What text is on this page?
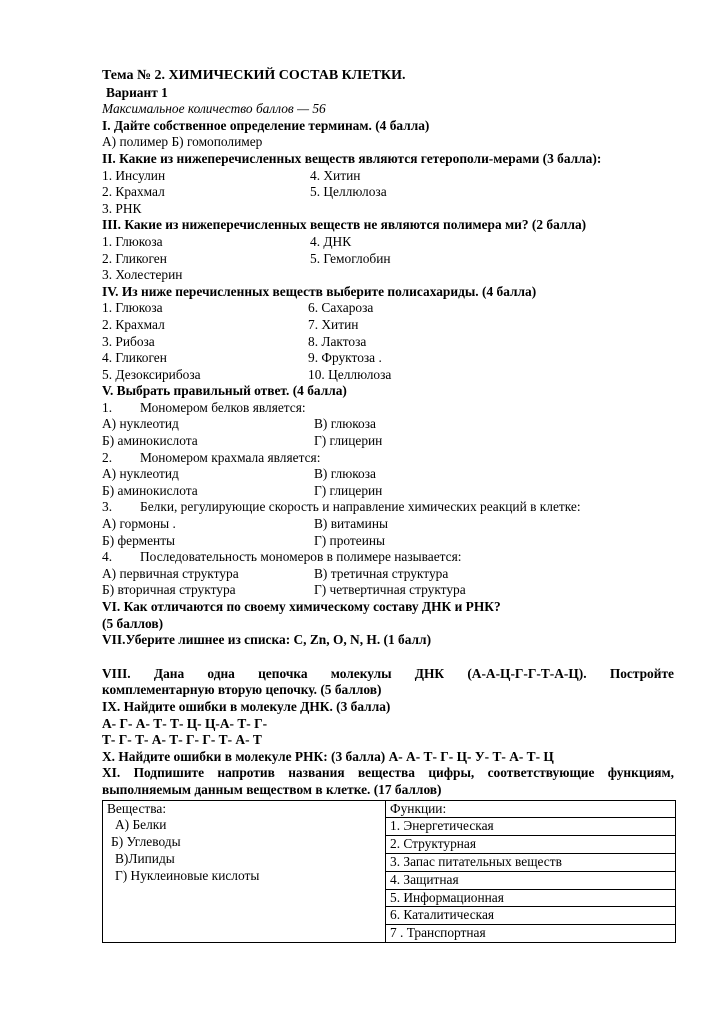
Тема № 2. ХИМИЧЕСКИЙ СОСТАВ КЛЕТКИ.
Вариант 1
Максимальное количество баллов — 56
I. Дайте собственное определение терминам. (4 балла)
А) полимер Б) гомополимер
II. Какие из нижеперечисленных веществ являются гетерополи-мерами (3 балла):
1. Инсулин	4. Хитин
2. Крахмал	5. Целлюлоза
3. РНК
III. Какие из нижеперечисленных веществ не являются полимера ми? (2 балла)
1. Глюкоза	4. ДНК
2. Гликоген	5. Гемоглобин
3. Холестерин
IV. Из ниже перечисленных веществ выберите полисахариды. (4 балла)
1. Глюкоза	6. Сахароза
2. Крахмал	7. Хитин
3. Рибоза	8. Лактоза
4. Гликоген	9. Фруктоза .
5. Дезоксирибоза	10. Целлюлоза
V. Выбрать правильный ответ. (4 балла)
1. Мономером белков является:
А) нуклеотид	В) глюкоза
Б) аминокислота	Г) глицерин
2. Мономером крахмала является:
А) нуклеотид	В) глюкоза
Б) аминокислота	Г) глицерин
3. Белки, регулирующие скорость и направление химических реакций в клетке:
А) гормоны .	В) витамины
Б) ферменты	Г) протеины
4. Последовательность мономеров в полимере называется:
А) первичная структура	В) третичная структура
Б) вторичная структура	Г) четвертичная структура
VI. Как отличаются по своему химическому составу ДНК и РНК?
(5 баллов)
VII.Уберите лишнее из списка: С, Zn, О, N, Н. (1 балл)
VIII. Дана одна цепочка молекулы ДНК (А-А-Ц-Г-Г-Т-А-Ц). Постройте
комплементарную вторую цепочку. (5 баллов)
IX. Найдите ошибки в молекуле ДНК. (3 балла)
А- Г- А- Т- Т- Ц- Ц-А- Т- Г-
Т- Г- Т- А- Т- Г- Г- Т- А- Т
X. Найдите ошибки в молекуле РНК: (3 балла) А- А- Т- Г- Ц- У- Т- А- Т- Ц
XI. Подпишите напротив названия вещества цифры, соответствующие функциям,
выполняемым данным веществом в клетке. (17 баллов)
Вещества:
А) Белки
Б) Углеводы
В)Липиды
Г) Нуклеиновые кислоты

Функции:
1. Энергетическая
2. Структурная
3. Запас питательных веществ
4. Защитная
5. Информационная
6. Каталитическая
7 . Транспортная
